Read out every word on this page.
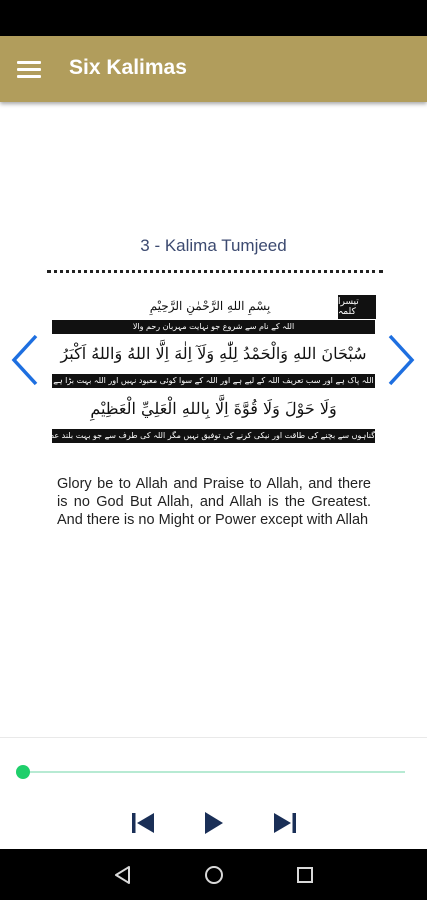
Six Kalimas
3 - Kalima Tumjeed
تیسرا کلمہ
بِسْمِ اللهِ الرَّحْمٰنِ الرَّحِيْمِ
اللہ کے نام سے شروع جو نہایت مہربان رحم والا
سُبْحَانَ اللهِ وَالْحَمْدُ لِلّٰهِ وَلَآ اِلٰهَ اِلَّا اللهُ وَاللهُ اَكْبَرُ
اللہ پاک ہے اور سب تعریف اللہ کے لیے ہے اور اللہ کے سوا کوئی معبود نہیں اور اللہ بہت بڑا ہے
وَلَا حَوْلَ وَلَا قُوَّةَ اِلَّا بِاللهِ الْعَلِيِّ الْعَظِيْمِ
گناہوں سے بچنے کی طاقت اور نیکی کرنے کی توفیق نہیں مگر اللہ کی طرف سے جو بہت بلند عظمت والا ہے
Glory be to Allah and Praise to Allah, and there is no God But Allah, and Allah is the Greatest. And there is no Might or Power except with Allah
